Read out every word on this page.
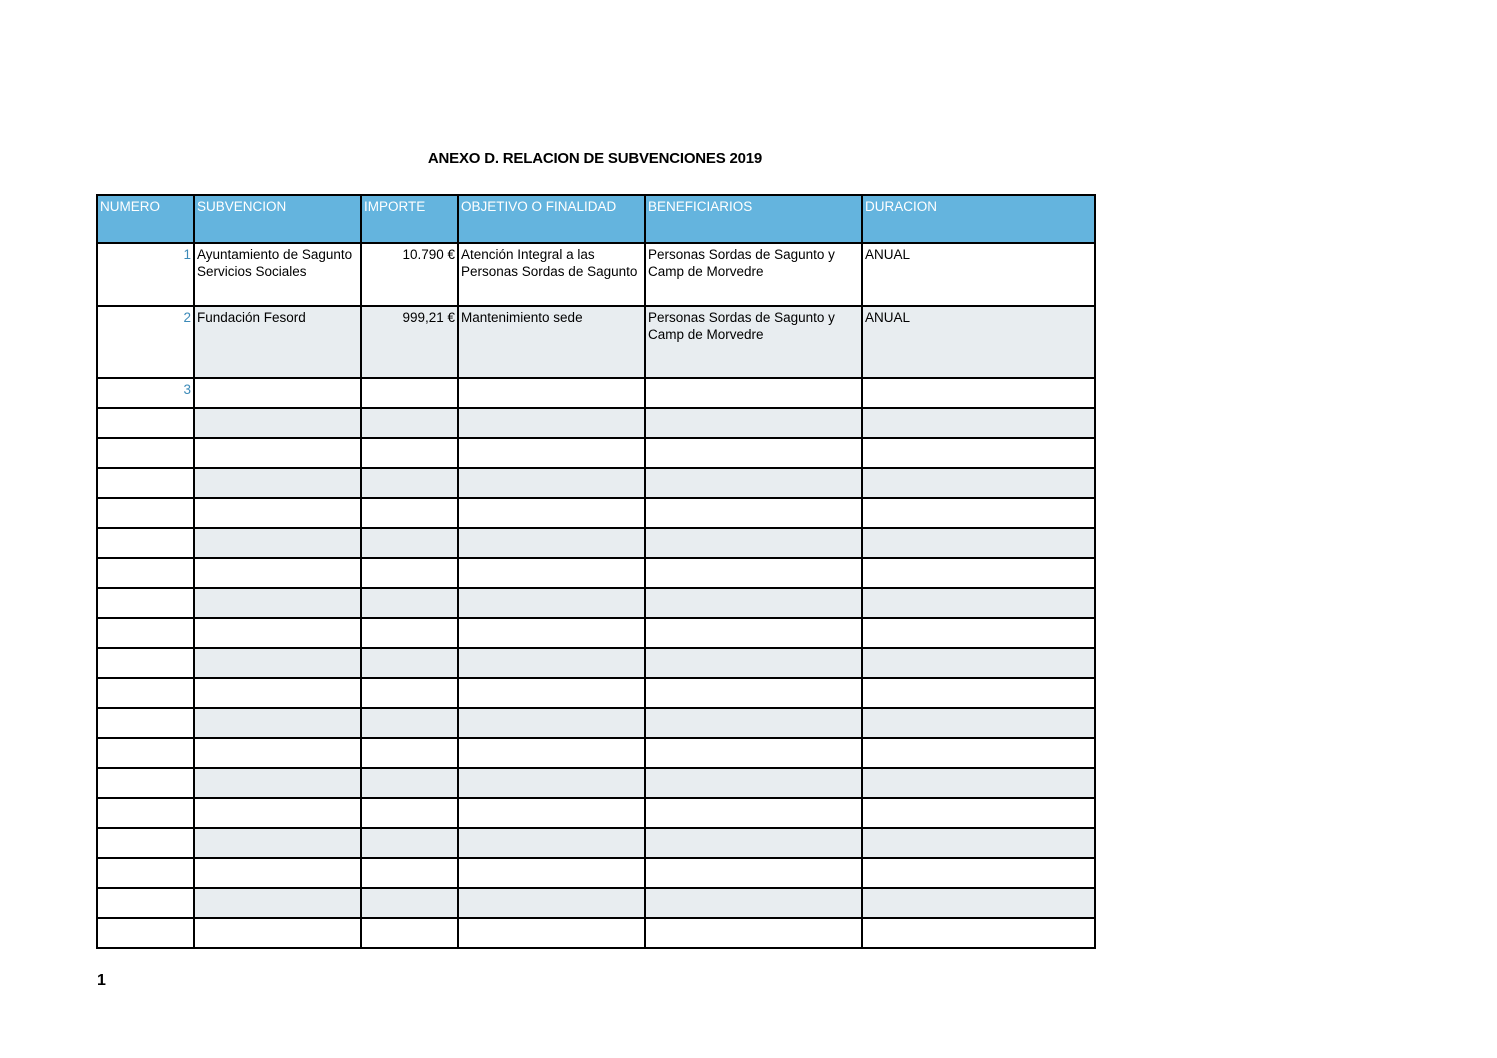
ANEXO D. RELACION DE SUBVENCIONES 2019
NUMERO	SUBVENCION	IMPORTE	OBJETIVO O FINALIDAD	BENEFICIARIOS	DURACION
1	Ayuntamiento de Sagunto Servicios Sociales	10.790 €	Atención Integral a las Personas Sordas de Sagunto	Personas Sordas de Sagunto y Camp de Morvedre	ANUAL
2	Fundación Fesord	999,21 €	Mantenimiento sede	Personas Sordas de Sagunto y Camp de Morvedre	ANUAL
3					

1
